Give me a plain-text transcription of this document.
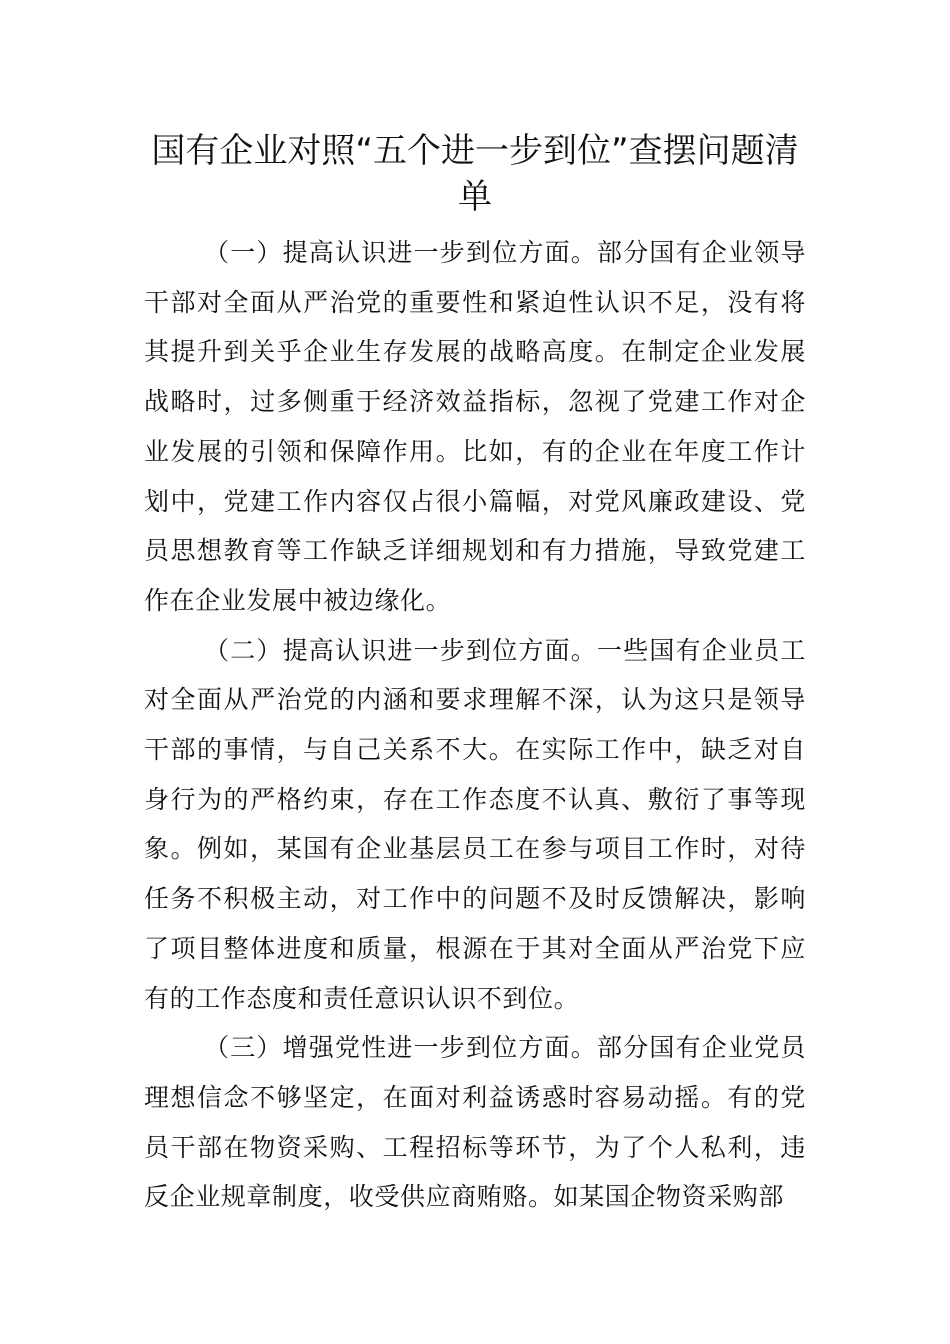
国有企业对照“五个进一步到位”查摆问题清单

（一）提高认识进一步到位方面。部分国有企业领导干部对全面从严治党的重要性和紧迫性认识不足，没有将其提升到关乎企业生存发展的战略高度。在制定企业发展战略时，过多侧重于经济效益指标，忽视了党建工作对企业发展的引领和保障作用。比如，有的企业在年度工作计划中，党建工作内容仅占很小篇幅，对党风廉政建设、党员思想教育等工作缺乏详细规划和有力措施，导致党建工作在企业发展中被边缘化。

（二）提高认识进一步到位方面。一些国有企业员工对全面从严治党的内涵和要求理解不深，认为这只是领导干部的事情，与自己关系不大。在实际工作中，缺乏对自身行为的严格约束，存在工作态度不认真、敷衍了事等现象。例如，某国有企业基层员工在参与项目工作时，对待任务不积极主动，对工作中的问题不及时反馈解决，影响了项目整体进度和质量，根源在于其对全面从严治党下应有的工作态度和责任意识认识不到位。

（三）增强党性进一步到位方面。部分国有企业党员理想信念不够坚定，在面对利益诱惑时容易动摇。有的党员干部在物资采购、工程招标等环节，为了个人私利，违反企业规章制度，收受供应商贿赂。如某国企物资采购部
